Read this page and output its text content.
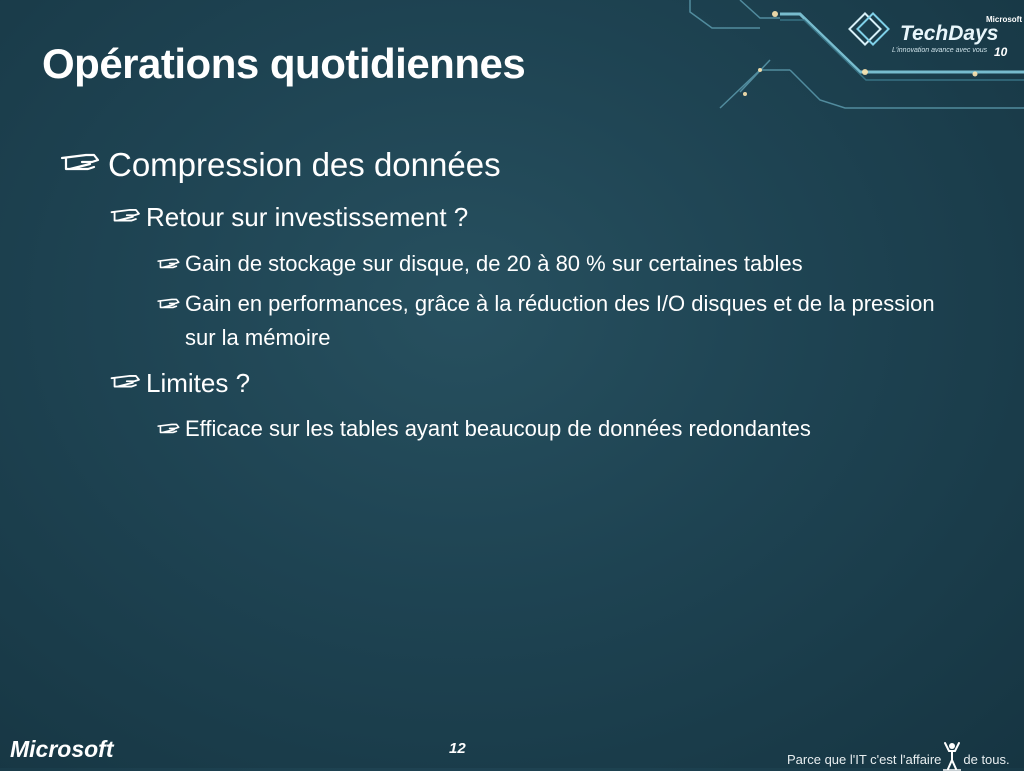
Microsoft
TechDays
L'innovation avance avec vous 10
Opérations quotidiennes
Compression des données
Retour sur investissement ?
Gain de stockage sur disque, de 20 à 80 % sur certaines tables
Gain en performances, grâce à la réduction des I/O disques et de la pression sur la mémoire
Limites ?
Efficace sur les tables ayant beaucoup de données redondantes
Microsoft	12
Parce que l'IT c'est l'affaire de tous.
